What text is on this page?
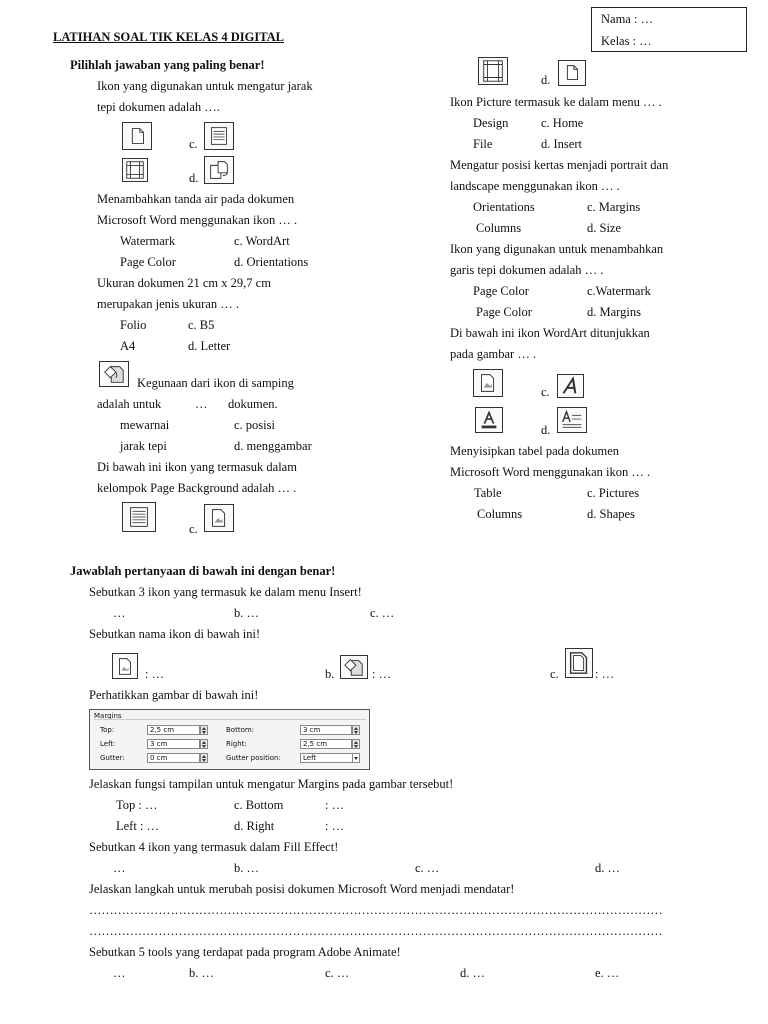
LATIHAN SOAL TIK KELAS 4 DIGITAL
Nama : …
Kelas : …
Pilihlah jawaban yang paling benar!
Ikon yang digunakan untuk mengatur jarak
tepi dokumen adalah ….
c.
d.
Menambahkan tanda air pada dokumen
Microsoft Word menggunakan ikon … .
Watermark	c. WordArt
Page Color	d. Orientations
Ukuran dokumen 21 cm x 29,7 cm
merupakan jenis ukuran … .
Folio	c. B5
A4	d. Letter
Kegunaan dari ikon di samping
adalah untuk	… dokumen.
mewarnai	c. posisi
jarak tepi	d. menggambar
Di bawah ini ikon yang termasuk dalam
kelompok Page Background adalah … .
c.
d.
Ikon Picture termasuk ke dalam menu … .
Design	c. Home
File	d. Insert
Mengatur posisi kertas menjadi portrait dan
landscape menggunakan ikon … .
Orientations	c. Margins
Columns	d. Size
Ikon yang digunakan untuk menambahkan
garis tepi dokumen adalah … .
Page Color	c.Watermark
Page Color	d. Margins
Di bawah ini ikon WordArt ditunjukkan
pada gambar … .
c.
d.
Menyisipkan tabel pada dokumen
Microsoft Word menggunakan ikon … .
Table	c. Pictures
Columns	d. Shapes
Jawablah pertanyaan di bawah ini dengan benar!
Sebutkan 3 ikon yang termasuk ke dalam menu Insert!
…	b. …	c. …
Sebutkan nama ikon di bawah ini!
: …	b.	: …	c.	: …
Perhatikkan gambar di bawah ini!
Margins
Top:	2,5 cm	Bottom:	3 cm
Left:	3 cm	Right:	2,5 cm
Gutter:	0 cm	Gutter position:	Left
Jelaskan fungsi tampilan untuk mengatur Margins pada gambar tersebut!
Top : …	c. Bottom	: …
Left : …	d. Right	: …
Sebutkan 4 ikon yang termasuk dalam Fill Effect!
…	b. …	c. …	d. …
Jelaskan langkah untuk merubah posisi dokumen Microsoft Word menjadi mendatar!
……………………………………………………………………………………………………………………………
……………………………………………………………………………………………………………………………
Sebutkan 5 tools yang terdapat pada program Adobe Animate!
…	b. …	c. …	d. …	e. …
